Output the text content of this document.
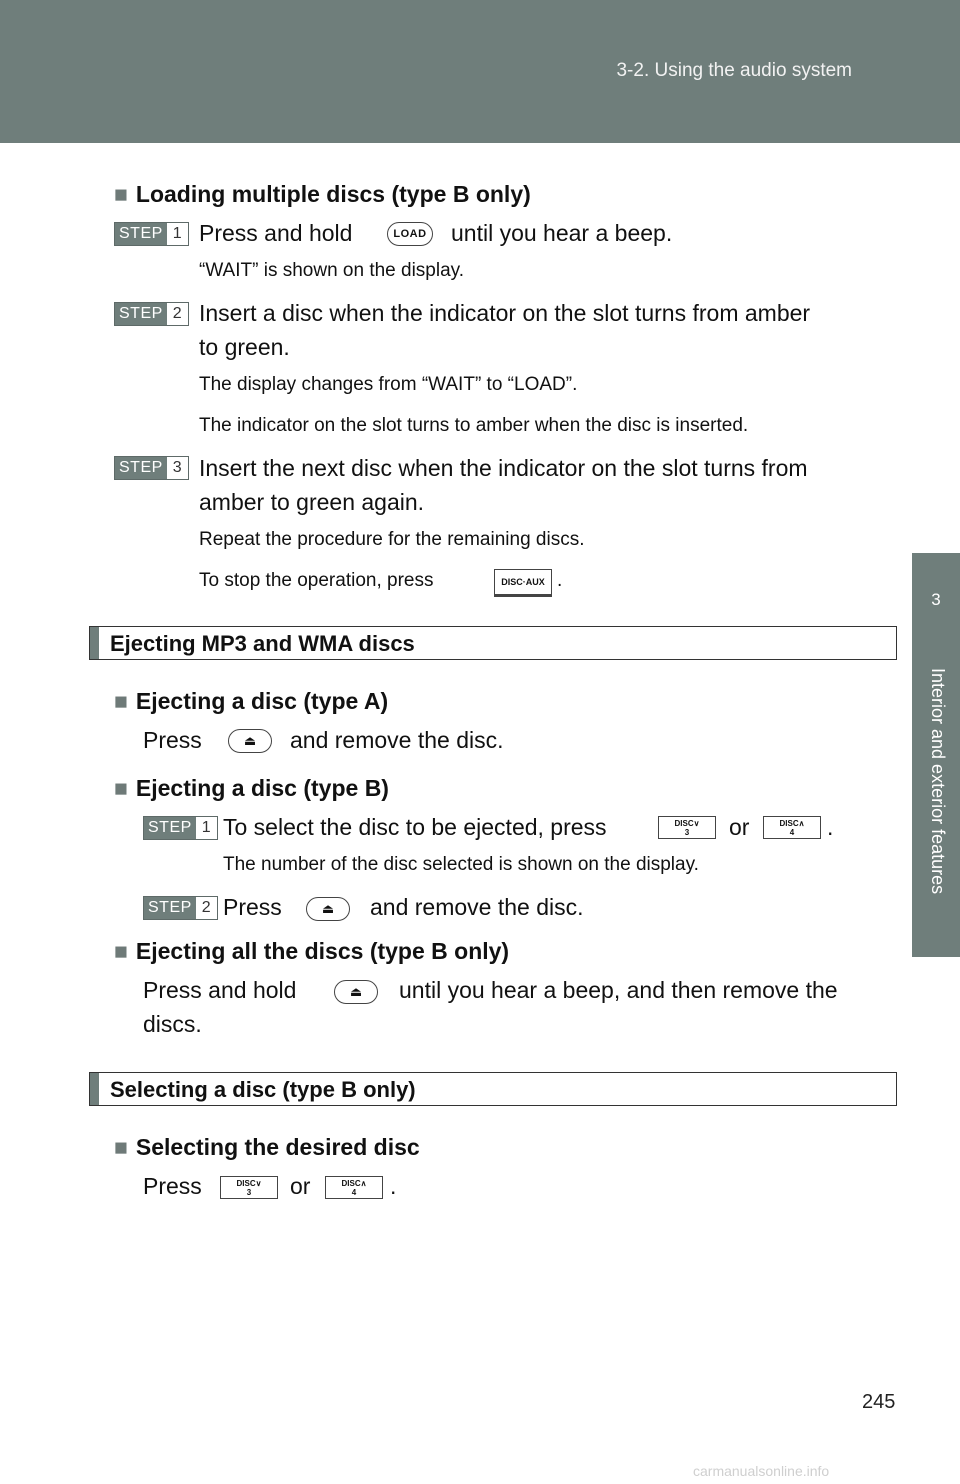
3-2. Using the audio system
3
Interior and exterior features
■ Loading multiple discs (type B only)
STEP 1 Press and hold	LOAD until you hear a beep.
“WAIT” is shown on the display.
STEP 2 Insert a disc when the indicator on the slot turns from amber
to green.
The display changes from “WAIT” to “LOAD”.
The indicator on the slot turns to amber when the disc is inserted.
STEP 3 Insert the next disc when the indicator on the slot turns from
amber to green again.
Repeat the procedure for the remaining discs.
To stop the operation, press	DISC·AUX .
Ejecting MP3 and WMA discs
■ Ejecting a disc (type A)
Press	⏏	and remove the disc.
■ Ejecting a disc (type B)
STEP 1 To select the disc to be ejected, press	DISC∨
3 or	DISC∧
4 .
The number of the disc selected is shown on the display.
STEP 2 Press	⏏	and remove the disc.
■ Ejecting all the discs (type B only)
Press and hold	⏏	until you hear a beep, and then remove the
discs.
Selecting a disc (type B only)
■ Selecting the desired disc
Press	DISC∨
3 or	DISC∧
4 .
245
carmanualsonline.info
